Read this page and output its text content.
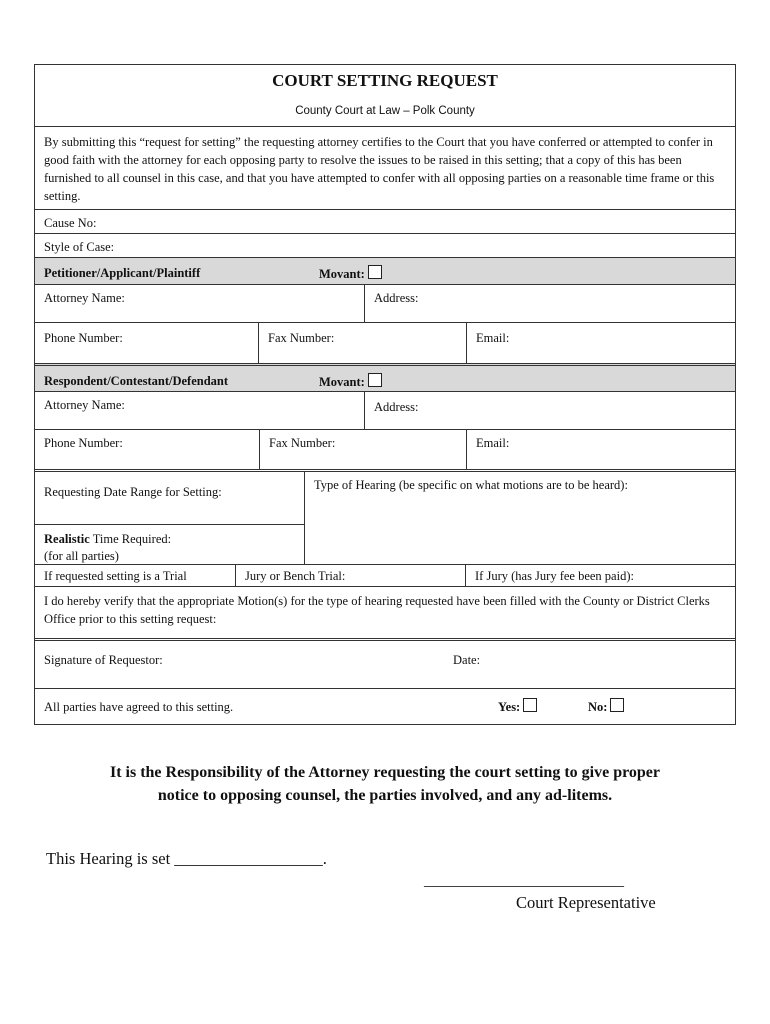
COURT SETTING REQUEST
County Court at Law – Polk County
By submitting this “request for setting” the requesting attorney certifies to the Court that you have conferred or attempted to confer in good faith with the attorney for each opposing party to resolve the issues to be raised in this setting; that a copy of this has been furnished to all counsel in this case, and that you have attempted to confer with all opposing parties on a reasonable time frame or this setting.
Cause No:
Style of Case:
Petitioner/Applicant/Plaintiff	Movant:
Attorney Name:	Address:
Phone Number:	Fax Number:	Email:
Respondent/Contestant/Defendant	Movant:
Attorney Name:	Address:
Phone Number:	Fax Number:	Email:
Requesting Date Range for Setting:
Realistic Time Required:
(for all parties)
Type of Hearing (be specific on what motions are to be heard):
If requested setting is a Trial	Jury or Bench Trial:	If Jury (has Jury fee been paid):
I do hereby verify that the appropriate Motion(s) for the type of hearing requested have been filled with the County or District Clerks Office prior to this setting request:
Signature of Requestor:	Date:
All parties have agreed to this setting.	Yes:	No:
It is the Responsibility of the Attorney requesting the court setting to give proper notice to opposing counsel, the parties involved, and any ad-litems.
This Hearing is set __________________.
_________________________
Court Representative
